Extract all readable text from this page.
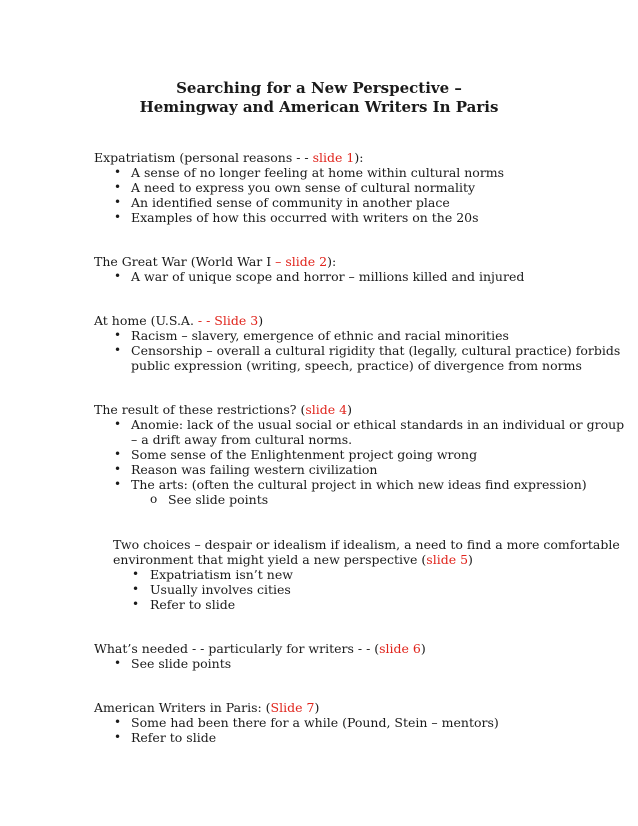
Searching for a New Perspective –
Hemingway and American Writers In Paris
Expatriatism (personal reasons - - slide 1):
• A sense of no longer feeling at home within cultural norms
• A need to express you own sense of cultural normality
• An identified sense of community in another place
• Examples of how this occurred with writers on the 20s
The Great War (World War I – slide 2):
• A war of unique scope and horror – millions killed and injured
At home (U.S.A. - - Slide 3)
• Racism – slavery, emergence of ethnic and racial minorities
• Censorship – overall a cultural rigidity that (legally, cultural practice) forbids
public expression (writing, speech, practice) of divergence from norms
The result of these restrictions? (slide 4)
• Anomie: lack of the usual social or ethical standards in an individual or group
– a drift away from cultural norms.
• Some sense of the Enlightenment project going wrong
• Reason was failing western civilization
• The arts: (often the cultural project in which new ideas find expression)
o See slide points
Two choices – despair or idealism if idealism, a need to find a more comfortable
environment that might yield a new perspective (slide 5)
• Expatriatism isn’t new
• Usually involves cities
• Refer to slide
What’s needed - - particularly for writers - - (slide 6)
• See slide points
American Writers in Paris: (Slide 7)
• Some had been there for a while (Pound, Stein – mentors)
• Refer to slide
